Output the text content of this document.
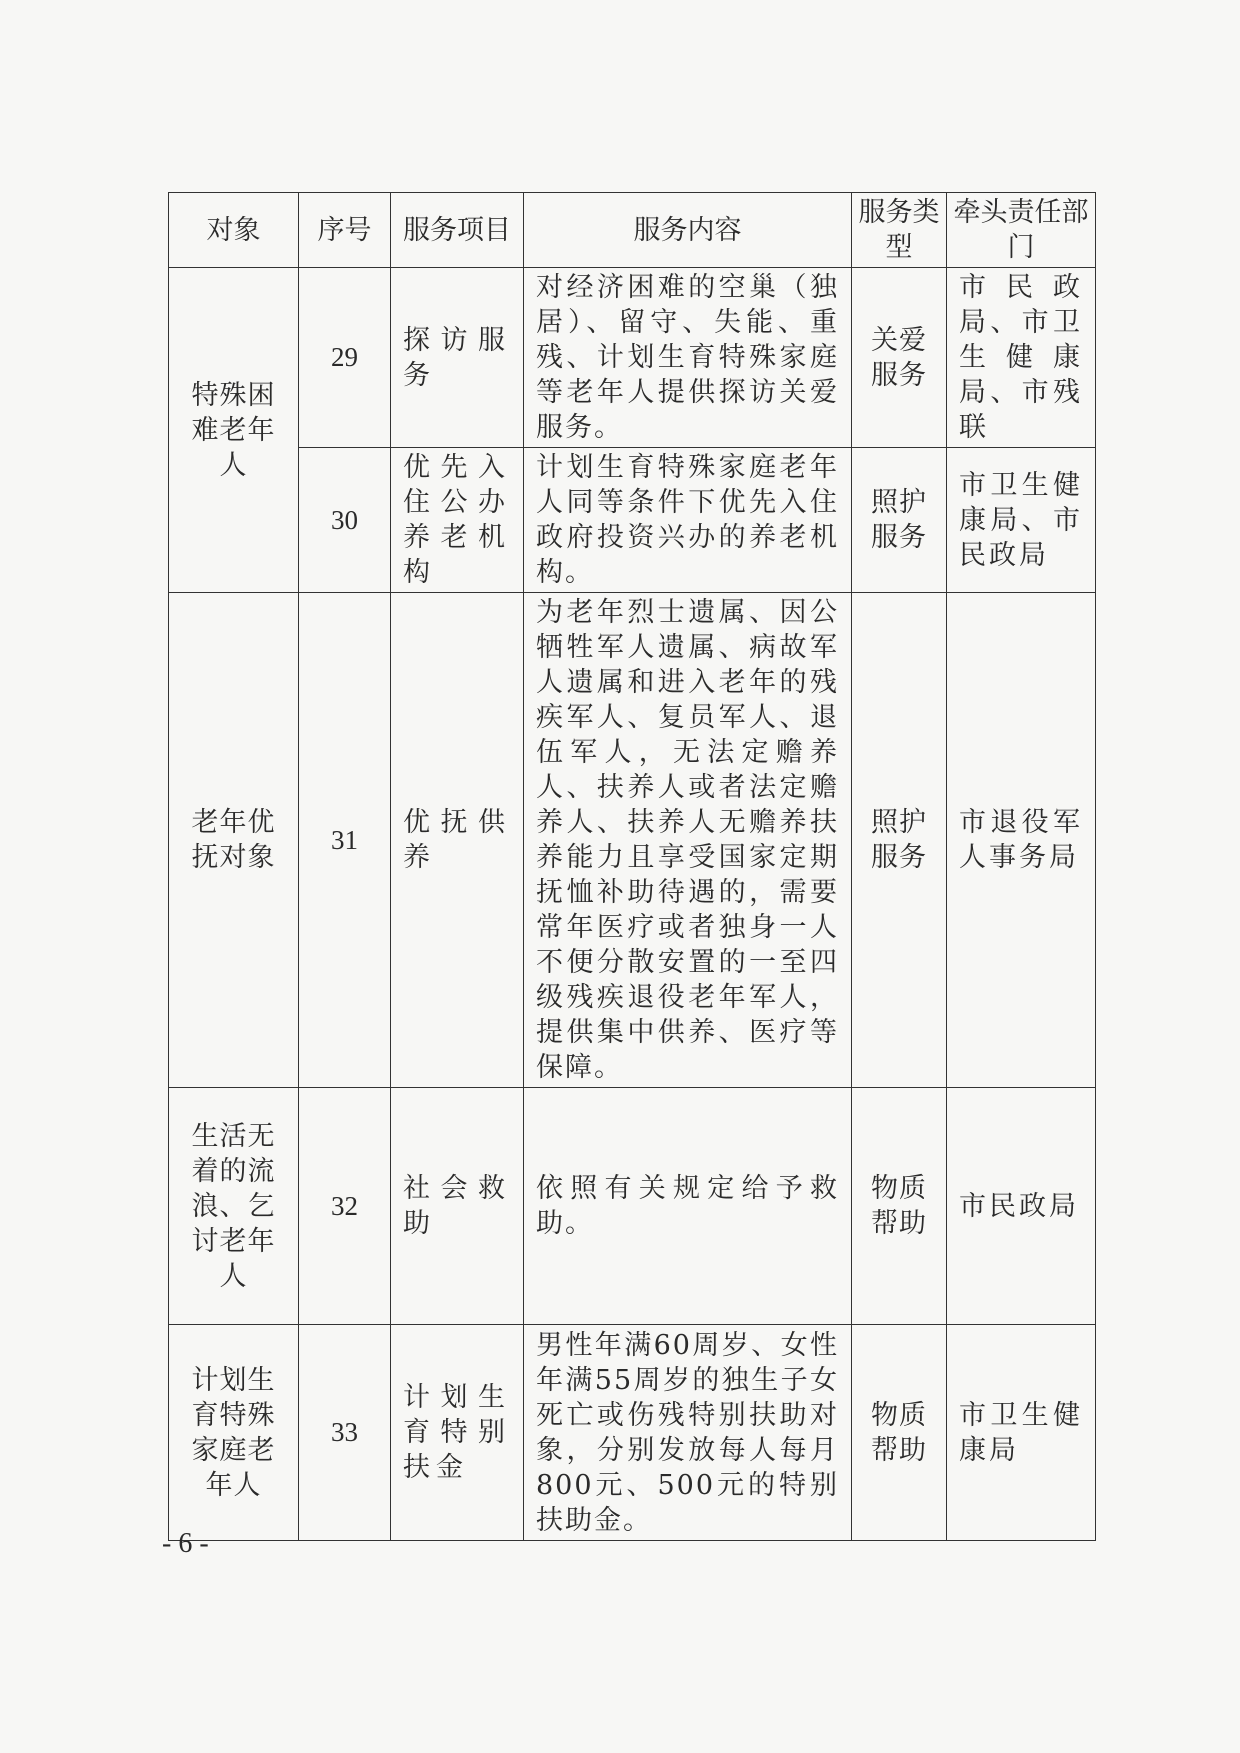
对象	序号	服务项目	服务内容	服务类型	牵头责任部门
特殊困难老年人	29	探访服务	对经济困难的空巢（独居）、留守、失能、重残、计划生育特殊家庭等老年人提供探访关爱服务。	关爱服务	市民政局、市卫生健康局、市残联
	30	优先入住公办养老机构	计划生育特殊家庭老年人同等条件下优先入住政府投资兴办的养老机构。	照护服务	市卫生健康局、市民政局
老年优抚对象	31	优抚供养	为老年烈士遗属、因公牺牲军人遗属、病故军人遗属和进入老年的残疾军人、复员军人、退伍军人，无法定赡养人、扶养人或者法定赡养人、扶养人无赡养扶养能力且享受国家定期抚恤补助待遇的，需要常年医疗或者独身一人不便分散安置的一至四级残疾退役老年军人，提供集中供养、医疗等保障。	照护服务	市退役军人事务局
生活无着的流浪、乞讨老年人	32	社会救助	依照有关规定给予救助。	物质帮助	市民政局
计划生育特殊家庭老年人	33	计划生育特别扶金	男性年满60周岁、女性年满55周岁的独生子女死亡或伤残特别扶助对象，分别发放每人每月800元、500元的特别扶助金。	物质帮助	市卫生健康局
- 6 -
